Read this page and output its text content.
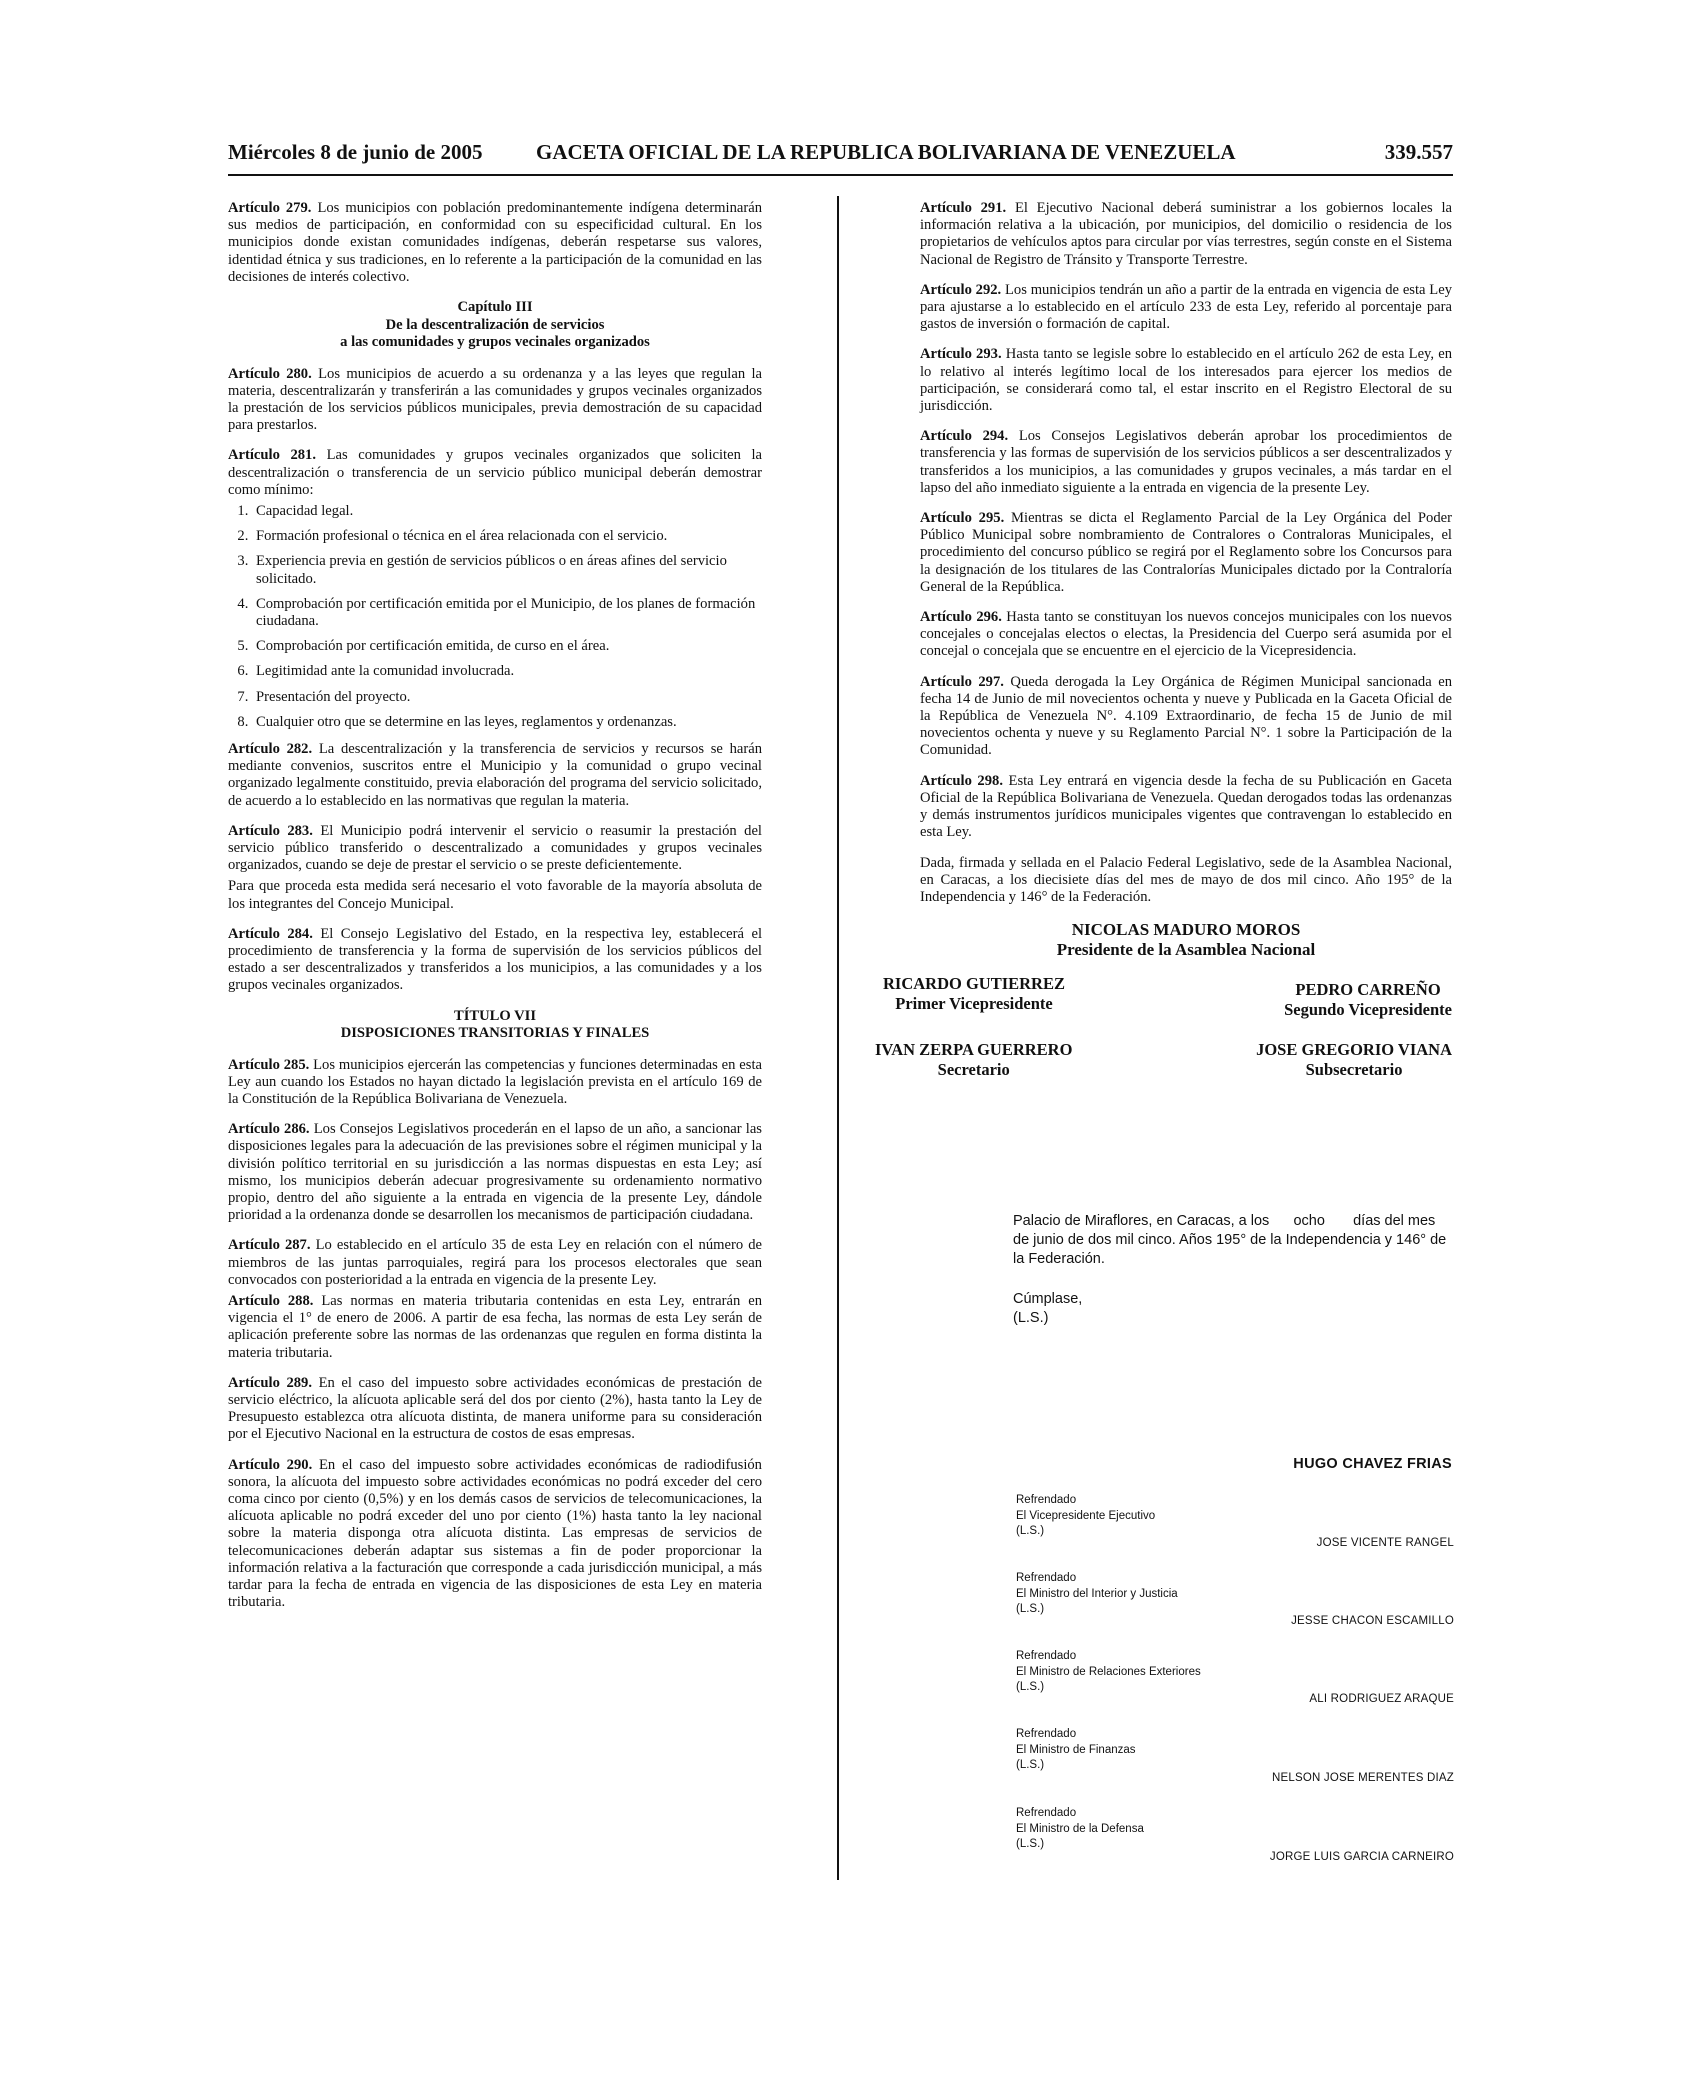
Miércoles 8 de junio de 2005	GACETA OFICIAL DE LA REPUBLICA BOLIVARIANA DE VENEZUELA	339.557

Artículo 279. Los municipios con población predominantemente indígena determinarán sus medios de participación, en conformidad con su especificidad cultural. En los municipios donde existan comunidades indígenas, deberán respetarse sus valores, identidad étnica y sus tradiciones, en lo referente a la participación de la comunidad en las decisiones de interés colectivo.

Capítulo III
De la descentralización de servicios
a las comunidades y grupos vecinales organizados

Artículo 280. Los municipios de acuerdo a su ordenanza y a las leyes que regulan la materia, descentralizarán y transferirán a las comunidades y grupos vecinales organizados la prestación de los servicios públicos municipales, previa demostración de su capacidad para prestarlos.

Artículo 281. Las comunidades y grupos vecinales organizados que soliciten la descentralización o transferencia de un servicio público municipal deberán demostrar como mínimo:

1. Capacidad legal.
2. Formación profesional o técnica en el área relacionada con el servicio.
3. Experiencia previa en gestión de servicios públicos o en áreas afines del servicio solicitado.
4. Comprobación por certificación emitida por el Municipio, de los planes de formación ciudadana.
5. Comprobación por certificación emitida, de curso en el área.
6. Legitimidad ante la comunidad involucrada.
7. Presentación del proyecto.
8. Cualquier otro que se determine en las leyes, reglamentos y ordenanzas.

Artículo 282. La descentralización y la transferencia de servicios y recursos se harán mediante convenios, suscritos entre el Municipio y la comunidad o grupo vecinal organizado legalmente constituido, previa elaboración del programa del servicio solicitado, de acuerdo a lo establecido en las normativas que regulan la materia.

Artículo 283. El Municipio podrá intervenir el servicio o reasumir la prestación del servicio público transferido o descentralizado a comunidades y grupos vecinales organizados, cuando se deje de prestar el servicio o se preste deficientemente.

Para que proceda esta medida será necesario el voto favorable de la mayoría absoluta de los integrantes del Concejo Municipal.

Artículo 284. El Consejo Legislativo del Estado, en la respectiva ley, establecerá el procedimiento de transferencia y la forma de supervisión de los servicios públicos del estado a ser descentralizados y transferidos a los municipios, a las comunidades y a los grupos vecinales organizados.

TÍTULO VII
DISPOSICIONES TRANSITORIAS Y FINALES

Artículo 285. Los municipios ejercerán las competencias y funciones determinadas en esta Ley aun cuando los Estados no hayan dictado la legislación prevista en el artículo 169 de la Constitución de la República Bolivariana de Venezuela.

Artículo 286. Los Consejos Legislativos procederán en el lapso de un año, a sancionar las disposiciones legales para la adecuación de las previsiones sobre el régimen municipal y la división político territorial en su jurisdicción a las normas dispuestas en esta Ley; así mismo, los municipios deberán adecuar progresivamente su ordenamiento normativo propio, dentro del año siguiente a la entrada en vigencia de la presente Ley, dándole prioridad a la ordenanza donde se desarrollen los mecanismos de participación ciudadana.

Artículo 287. Lo establecido en el artículo 35 de esta Ley en relación con el número de miembros de las juntas parroquiales, regirá para los procesos electorales que sean convocados con posterioridad a la entrada en vigencia de la presente Ley.

Artículo 288. Las normas en materia tributaria contenidas en esta Ley, entrarán en vigencia el 1° de enero de 2006. A partir de esa fecha, las normas de esta Ley serán de aplicación preferente sobre las normas de las ordenanzas que regulen en forma distinta la materia tributaria.

Artículo 289. En el caso del impuesto sobre actividades económicas de prestación de servicio eléctrico, la alícuota aplicable será del dos por ciento (2%), hasta tanto la Ley de Presupuesto establezca otra alícuota distinta, de manera uniforme para su consideración por el Ejecutivo Nacional en la estructura de costos de esas empresas.

Artículo 290. En el caso del impuesto sobre actividades económicas de radiodifusión sonora, la alícuota del impuesto sobre actividades económicas no podrá exceder del cero coma cinco por ciento (0,5%) y en los demás casos de servicios de telecomunicaciones, la alícuota aplicable no podrá exceder del uno por ciento (1%) hasta tanto la ley nacional sobre la materia disponga otra alícuota distinta. Las empresas de servicios de telecomunicaciones deberán adaptar sus sistemas a fin de poder proporcionar la información relativa a la facturación que corresponde a cada jurisdicción municipal, a más tardar para la fecha de entrada en vigencia de las disposiciones de esta Ley en materia tributaria.

Artículo 291. El Ejecutivo Nacional deberá suministrar a los gobiernos locales la información relativa a la ubicación, por municipios, del domicilio o residencia de los propietarios de vehículos aptos para circular por vías terrestres, según conste en el Sistema Nacional de Registro de Tránsito y Transporte Terrestre.

Artículo 292. Los municipios tendrán un año a partir de la entrada en vigencia de esta Ley para ajustarse a lo establecido en el artículo 233 de esta Ley, referido al porcentaje para gastos de inversión o formación de capital.

Artículo 293. Hasta tanto se legisle sobre lo establecido en el artículo 262 de esta Ley, en lo relativo al interés legítimo local de los interesados para ejercer los medios de participación, se considerará como tal, el estar inscrito en el Registro Electoral de su jurisdicción.

Artículo 294. Los Consejos Legislativos deberán aprobar los procedimientos de transferencia y las formas de supervisión de los servicios públicos a ser descentralizados y transferidos a los municipios, a las comunidades y grupos vecinales, a más tardar en el lapso del año inmediato siguiente a la entrada en vigencia de la presente Ley.

Artículo 295. Mientras se dicta el Reglamento Parcial de la Ley Orgánica del Poder Público Municipal sobre nombramiento de Contralores o Contraloras Municipales, el procedimiento del concurso público se regirá por el Reglamento sobre los Concursos para la designación de los titulares de las Contralorías Municipales dictado por la Contraloría General de la República.

Artículo 296. Hasta tanto se constituyan los nuevos concejos municipales con los nuevos concejales o concejalas electos o electas, la Presidencia del Cuerpo será asumida por el concejal o concejala que se encuentre en el ejercicio de la Vicepresidencia.

Artículo 297. Queda derogada la Ley Orgánica de Régimen Municipal sancionada en fecha 14 de Junio de mil novecientos ochenta y nueve y Publicada en la Gaceta Oficial de la República de Venezuela N°. 4.109 Extraordinario, de fecha 15 de Junio de mil novecientos ochenta y nueve y su Reglamento Parcial N°. 1 sobre la Participación de la Comunidad.

Artículo 298. Esta Ley entrará en vigencia desde la fecha de su Publicación en Gaceta Oficial de la República Bolivariana de Venezuela. Quedan derogados todas las ordenanzas y demás instrumentos jurídicos municipales vigentes que contravengan lo establecido en esta Ley.

Dada, firmada y sellada en el Palacio Federal Legislativo, sede de la Asamblea Nacional, en Caracas, a los diecisiete días del mes de mayo de dos mil cinco. Año 195° de la Independencia y 146° de la Federación.

NICOLAS MADURO MOROS
Presidente de la Asamblea Nacional
RICARDO GUTIERREZ
Primer Vicepresidente
PEDRO CARREÑO
Segundo Vicepresidente
IVAN ZERPA GUERRERO
Secretario
JOSE GREGORIO VIANA
Subsecretario

Palacio de Miraflores, en Caracas, a los      ocho       días del mes de junio de dos mil cinco. Años 195° de la Independencia y 146° de la Federación.

Cúmplase,
(L.S.)
HUGO CHAVEZ FRIAS
Refrendado
El Vicepresidente Ejecutivo
(L.S.)
JOSE VICENTE RANGEL
Refrendado
El Ministro del Interior y Justicia
(L.S.)
JESSE CHACON ESCAMILLO
Refrendado
El Ministro de Relaciones Exteriores
(L.S.)
ALI RODRIGUEZ ARAQUE
Refrendado
El Ministro de Finanzas
(L.S.)
NELSON JOSE MERENTES DIAZ
Refrendado
El Ministro de la Defensa
(L.S.)
JORGE LUIS GARCIA CARNEIRO
